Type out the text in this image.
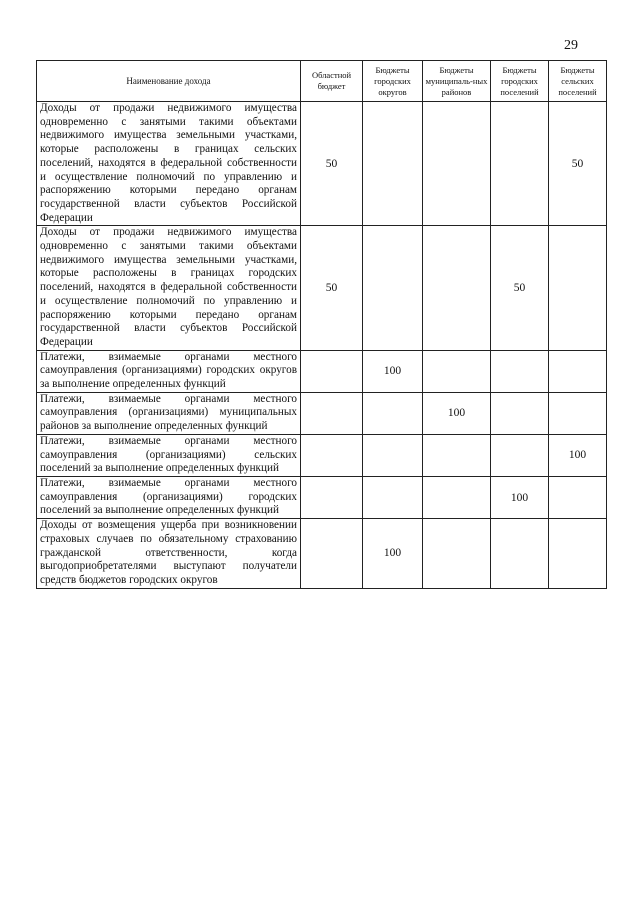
29
Наименование дохода	Областной бюджет	Бюджеты городских округов	Бюджеты муниципаль-ных районов	Бюджеты городских поселений	Бюджеты сельских поселений
Доходы от продажи недвижимого имущества одновременно с занятыми такими объектами недвижимого имущества земельными участками, которые расположены в границах сельских поселений, находятся в федеральной собственности и осуществление полномочий по управлению и распоряжению которыми передано органам государственной власти субъектов Российской Федерации	50				50
Доходы от продажи недвижимого имущества одновременно с занятыми такими объектами недвижимого имущества земельными участками, которые расположены в границах городских поселений, находятся в федеральной собственности и осуществление полномочий по управлению и распоряжению которыми передано органам государственной власти субъектов Российской Федерации	50			50	
Платежи, взимаемые органами местного самоуправления (организациями) городских округов за выполнение определенных функций		100			
Платежи, взимаемые органами местного самоуправления (организациями) муниципальных районов за выполнение определенных функций			100		
Платежи, взимаемые органами местного самоуправления (организациями) сельских поселений за выполнение определенных функций					100
Платежи, взимаемые органами местного самоуправления (организациями) городских поселений за выполнение определенных функций				100	
Доходы от возмещения ущерба при возникновении страховых случаев по обязательному страхованию гражданской ответственности, когда выгодоприобретателями выступают получатели средств бюджетов городских округов		100			
